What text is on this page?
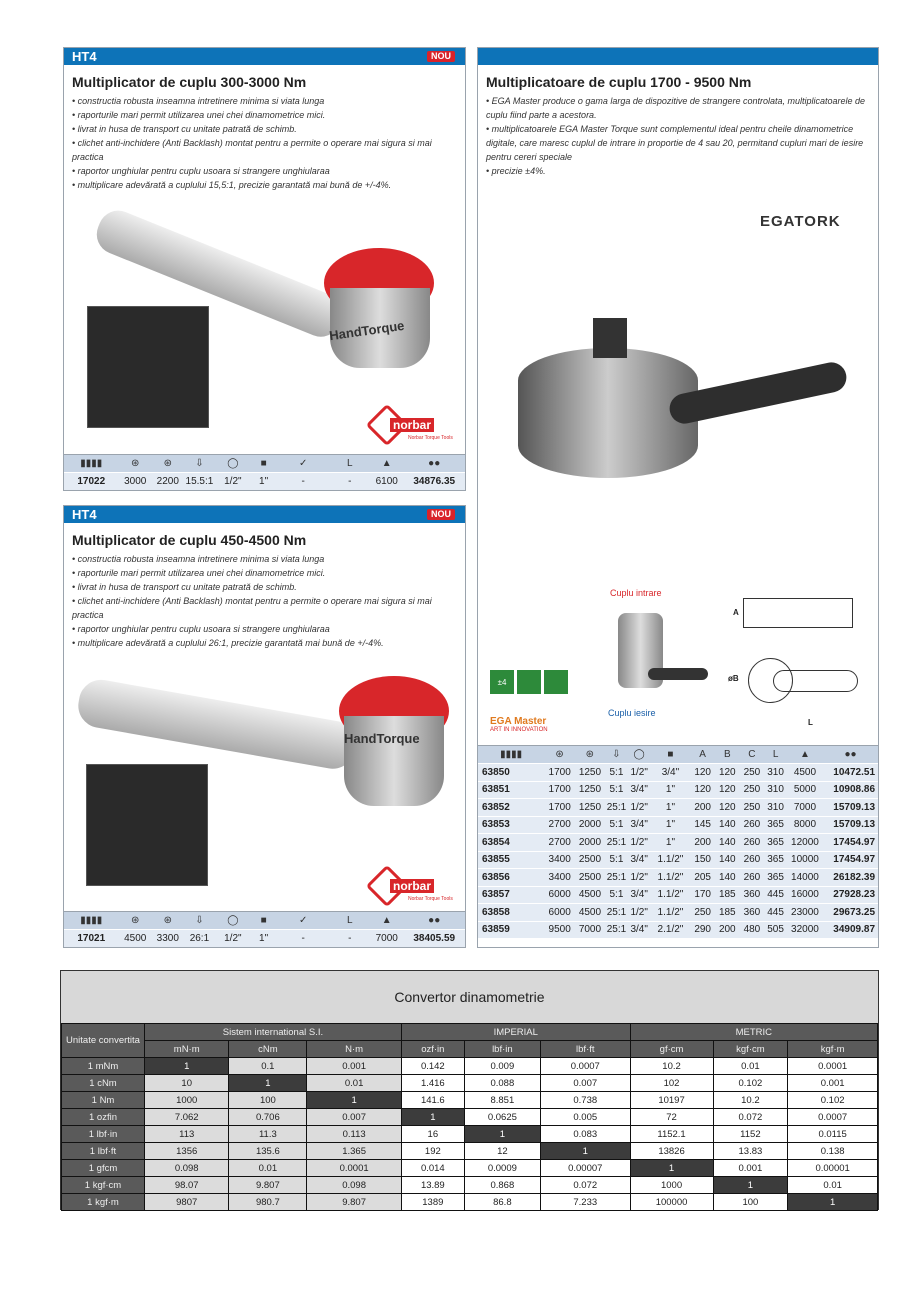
HT4	NOU
Multiplicator de cuplu 300-3000 Nm
• constructia robusta inseamna intretinere minima si viata lunga
• raporturile mari permit utilizarea unei chei dinamometrice mici.
• livrat in husa de transport cu unitate patrată de schimb.
• clichet anti-inchidere (Anti Backlash) montat pentru a permite o operare mai sigura si mai practica
• raportor unghiular pentru cuplu usoara si strangere unghiularaa
• multiplicare adevărată a cuplului 15,5:1, precizie garantată mai bună de +/-4%.
HandTorque
norbar
Norbar Torque Tools
▮▮▮▮	⊛	⊛	⇩	◯	■	✓	L	▲	●●
17022	3000	2200 15.5:1	1/2"	1"	-	-	6100	34876.35
HT4	NOU
Multiplicator de cuplu 450-4500 Nm
• constructia robusta inseamna intretinere minima si viata lunga
• raporturile mari permit utilizarea unei chei dinamometrice mici.
• livrat in husa de transport cu unitate patrată de schimb.
• clichet anti-inchidere (Anti Backlash) montat pentru a permite o operare mai sigura si mai practica
• raportor unghiular pentru cuplu usoara si strangere unghiularaa
• multiplicare adevărată a cuplului 26:1, precizie garantată mai bună de +/-4%.
HandTorque
norbar
Norbar Torque Tools
▮▮▮▮	⊛	⊛	⇩	◯	■	✓	L	▲	●●
17021	4500	3300	26:1	1/2"	1"	-	-	7000	38405.59
Multiplicatoare de cuplu 1700 - 9500 Nm
• EGA Master produce o gama larga de dispozitive de strangere controlata, multiplicatoarele de cuplu fiind parte a acestora.
• multiplicatoarele EGA Master Torque sunt complementul ideal pentru cheile dinamometrice digitale, care maresc cuplul de intrare in proportie de 4 sau 20, permitand cupluri mari de iesire pentru cereri speciale
• precizie ±4%.
EGATORK
Cuplu intrare
Cuplu iesire
A
øB
L
±4
EGA Master
ART IN INNOVATION
▮▮▮▮	⊛	⊛	⇩	◯	■	A	B	C	L	▲	●●
63850	1700 1250 5:1 1/2"	3/4"	120 120 250 310 4500	10472.51
63851	1700 1250 5:1 3/4"	1"	120 120 250 310 5000	10908.86
63852	1700 1250 25:1 1/2"	1"	200 120 250 310 7000	15709.13
63853	2700 2000 5:1 3/4"	1"	145 140 260 365 8000	15709.13
63854	2700 2000 25:1 1/2"	1"	200 140 260 365 12000	17454.97
63855	3400 2500 5:1 3/4" 1.1/2"	150 140 260 365 10000	17454.97
63856	3400 2500 25:1 1/2" 1.1/2"	205 140 260 365 14000	26182.39
63857	6000 4500 5:1 3/4" 1.1/2"	170 185 360 445 16000	27928.23
63858	6000 4500 25:1 1/2" 1.1/2"	250 185 360 445 23000	29673.25
63859	9500 7000 25:1 3/4" 2.1/2"	290 200 480 505 32000	34909.87
Convertor dinamometrie
Unitate convertita	Sistem international S.I.			IMPERIAL			METRIC		
	mN·m	cNm	N·m	ozf·in	lbf·in	lbf·ft	gf·cm	kgf·cm	kgf·m
1 mNm	1	0.1	0.001	0.142	0.009	0.0007	10.2	0.01	0.0001
1 cNm	10	1	0.01	1.416	0.088	0.007	102	0.102	0.001
1 Nm	1000	100	1	141.6	8.851	0.738	10197	10.2	0.102
1 ozfin	7.062	0.706	0.007	1	0.0625	0.005	72	0.072	0.0007
1 lbf·in	113	11.3	0.113	16	1	0.083	1152.1	1152	0.0115
1 lbf·ft	1356	135.6	1.365	192	12	1	13826	13.83	0.138
1 gfcm	0.098	0.01	0.0001	0.014	0.0009	0.00007	1	0.001	0.00001
1 kgf·cm	98.07	9.807	0.098	13.89	0.868	0.072	1000	1	0.01
1 kgf·m	9807	980.7	9.807	1389	86.8	7.233	100000	100	1
